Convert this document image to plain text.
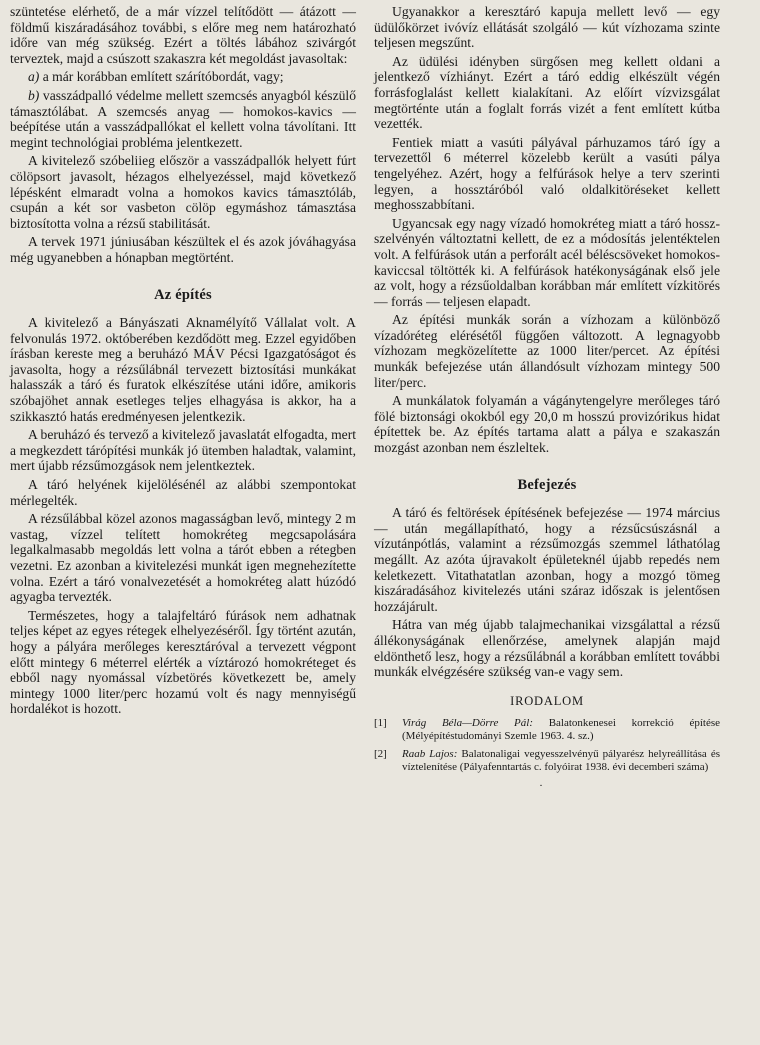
szüntetése elérhető, de a már vízzel telítődött — átázott — földmű kiszáradásához további, s előre meg nem határozható időre van még szükség. Ezért a töltés lábához szivárgót terveztek, majd a csúszott szakaszra két megoldást javasoltak:

a) a már korábban említett szárítóbordát, vagy;

b) vasszádpalló védelme mellett szemcsés anyagból készülő támasztólábat. A szemcsés anyag — homokos-kavics — beépítése után a vasszádpallókat el kellett volna távolítani. Itt megint technológiai probléma jelentkezett.

A kivitelező szóbeliieg először a vasszádpallók helyett fúrt cölöpsort javasolt, hézagos elhelyezéssel, majd következő lépésként elmaradt volna a homokos kavics támasztóláb, csupán a két sor vasbeton cölöp egymáshoz támasztása biztosította volna a rézsű stabilitását.

A tervek 1971 júniusában készültek el és azok jóváhagyása még ugyanebben a hónapban megtörtént.

Az építés

A kivitelező a Bányászati Aknamélyítő Vállalat volt. A felvonulás 1972. októberében kezdődött meg. Ezzel egyidőben írásban kereste meg a beruházó MÁV Pécsi Igazgatóságot és javasolta, hogy a rézsűlábnál tervezett biztosítási munkákat halasszák a táró és furatok elkészítése utáni időre, amikoris szóbajöhet annak esetleges teljes elhagyása is akkor, ha a szikkasztó hatás eredményesen jelentkezik.

A beruházó és tervező a kivitelező javaslatát elfogadta, mert a megkezdett tárópítési munkák jó ütemben haladtak, valamint, mert újabb rézsűmozgások nem jelentkeztek.

A táró helyének kijelölésénél az alábbi szempontokat mérlegelték.

A rézsűlábbal közel azonos magasságban levő, mintegy 2 m vastag, vízzel telített homokréteg megcsapolására legalkalmasabb megoldás lett volna a tárót ebben a rétegben vezetni. Ez azonban a kivitelezési munkát igen megnehezítette volna. Ezért a táró vonalvezetését a homokréteg alatt húzódó agyagba tervezték.

Természetes, hogy a talajfeltáró fúrások nem adhatnak teljes képet az egyes rétegek elhelyezéséről. Így történt azután, hogy a pályára merőleges keresztáróval a tervezett végpont előtt mintegy 6 méterrel elérték a víztározó homokréteget és ebből nagy nyomással vízbetörés következett be, amely mintegy 1000 liter/perc hozamú volt és nagy mennyiségű hordalékot is hozott.

Ugyanakkor a keresztáró kapuja mellett levő — egy üdülőkörzet ivóvíz ellátását szolgáló — kút vízhozama szinte teljesen megszűnt.

Az üdülési idényben sürgősen meg kellett oldani a jelentkező vízhiányt. Ezért a táró eddig elkészült végén forrásfoglalást kellett kialakítani. Az előírt vízvizsgálat megtörténte után a foglalt forrás vizét a fent említett kútba vezették.

Fentiek miatt a vasúti pályával párhuzamos táró így a tervezettől 6 méterrel közelebb került a vasúti pálya tengelyéhez. Azért, hogy a felfúrások helye a terv szerinti legyen, a hossztáróból való oldalkitöréseket kellett meghosszabbítani.

Ugyancsak egy nagy vízadó homokréteg miatt a táró hossz-szelvényén változtatni kellett, de ez a módosítás jelentéktelen volt. A felfúrások után a perforált acél béléscsöveket homokos-kaviccsal töltötték ki. A felfúrások hatékonyságának első jele az volt, hogy a rézsűoldalban korábban már említett vízkitörés — forrás — teljesen elapadt.

Az építési munkák során a vízhozam a különböző vízadóréteg elérésétől függően változott. A legnagyobb vízhozam megközelítette az 1000 liter/percet. Az építési munkák befejezése után állandósult vízhozam mintegy 500 liter/perc.

A munkálatok folyamán a vágánytengelyre merőleges táró fölé biztonsági okokból egy 20,0 m hosszú provizórikus hidat építettek be. Az építés tartama alatt a pálya e szakaszán mozgást azonban nem észleltek.

Befejezés

A táró és feltörések építésének befejezése — 1974 március — után megállapítható, hogy a rézsűcsúszásnál a vízutánpótlás, valamint a rézsűmozgás szemmel láthatólag megállt. Az azóta újravakolt épületeknél újabb repedés nem keletkezett. Vitathatatlan azonban, hogy a mozgó tömeg kiszáradásához kivitelezés utáni száraz időszak is jelentősen hozzájárult.

Hátra van még újabb talajmechanikai vizsgálattal a rézsű állékonyságának ellenőrzése, amelynek alapján majd eldönthető lesz, hogy a rézsűlábnál a korábban említett további munkák elvégzésére szükség van-e vagy sem.

IRODALOM
[1]	Virág Béla—Dörre Pál: Balatonkenesei korrekció építése (Mélyépítéstudományi Szemle 1963. 4. sz.)
[2]	Raab Lajos: Balatonaligai vegyesszelvényű pályarész helyreállítása és víztelenítése (Pályafenntartás c. folyóirat 1938. évi decemberi száma)
.
